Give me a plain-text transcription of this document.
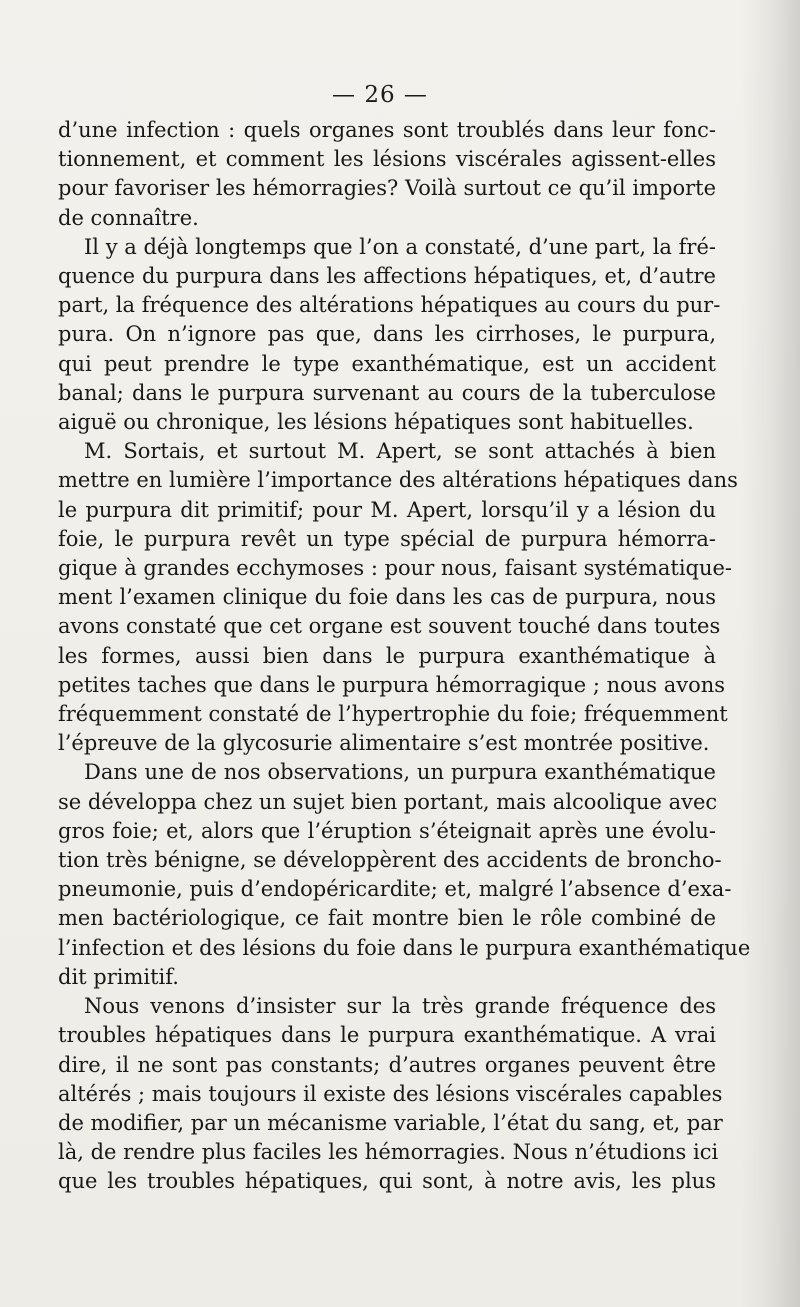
— 26 —
d’une infection : quels organes sont troublés dans leur fonc-
tionnement, et comment les lésions viscérales agissent-elles
pour favoriser les hémorragies? Voilà surtout ce qu’il importe
de connaître.
Il y a déjà longtemps que l’on a constaté, d’une part, la fré-
quence du purpura dans les affections hépatiques, et, d’autre
part, la fréquence des altérations hépatiques au cours du pur-
pura. On n’ignore pas que, dans les cirrhoses, le purpura,
qui peut prendre le type exanthématique, est un accident
banal; dans le purpura survenant au cours de la tuberculose
aiguë ou chronique, les lésions hépatiques sont habituelles.
M. Sortais, et surtout M. Apert, se sont attachés à bien
mettre en lumière l’importance des altérations hépatiques dans
le purpura dit primitif; pour M. Apert, lorsqu’il y a lésion du
foie, le purpura revêt un type spécial de purpura hémorra-
gique à grandes ecchymoses : pour nous, faisant systématique-
ment l’examen clinique du foie dans les cas de purpura, nous
avons constaté que cet organe est souvent touché dans toutes
les formes, aussi bien dans le purpura exanthématique à
petites taches que dans le purpura hémorragique ; nous avons
fréquemment constaté de l’hypertrophie du foie; fréquemment
l’épreuve de la glycosurie alimentaire s’est montrée positive.
Dans une de nos observations, un purpura exanthématique
se développa chez un sujet bien portant, mais alcoolique avec
gros foie; et, alors que l’éruption s’éteignait après une évolu-
tion très bénigne, se développèrent des accidents de broncho-
pneumonie, puis d’endopéricardite; et, malgré l’absence d’exa-
men bactériologique, ce fait montre bien le rôle combiné de
l’infection et des lésions du foie dans le purpura exanthématique
dit primitif.
Nous venons d’insister sur la très grande fréquence des
troubles hépatiques dans le purpura exanthématique. A vrai
dire, il ne sont pas constants; d’autres organes peuvent être
altérés ; mais toujours il existe des lésions viscérales capables
de modifier, par un mécanisme variable, l’état du sang, et, par
là, de rendre plus faciles les hémorragies. Nous n’étudions ici
que les troubles hépatiques, qui sont, à notre avis, les plus
